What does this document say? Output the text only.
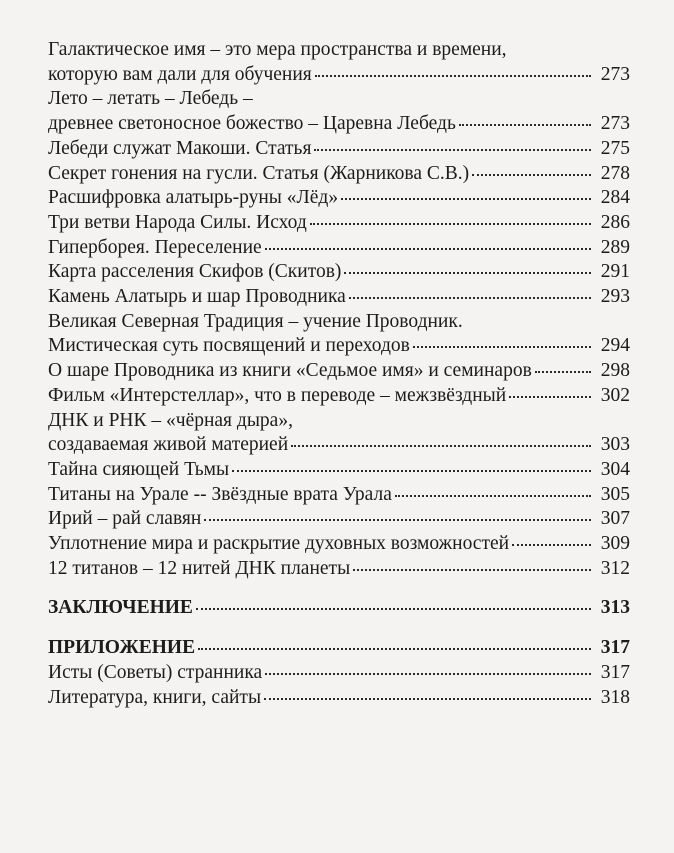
Галактическое имя – это мера пространства и времени,
которую вам дали для обучения	273
Лето – летать – Лебедь –
древнее светоносное божество – Царевна Лебедь	273
Лебеди служат Макоши. Статья	275
Секрет гонения на гусли. Статья (Жарникова С.В.)	278
Расшифровка алатырь-руны «Лёд»	284
Три ветви Народа Силы. Исход	286
Гиперборея. Переселение	289
Карта расселения Скифов (Скитов)	291
Камень Алатырь и шар Проводника	293
Великая Северная Традиция – учение Проводник.
Мистическая суть посвящений и переходов	294
О шаре Проводника из книги «Седьмое имя» и семинаров	298
Фильм «Интерстеллар», что в переводе – межзвёздный	302
ДНК и РНК – «чёрная дыра»,
создаваемая живой материей	303
Тайна сияющей Тьмы	304
Титаны на Урале -- Звёздные врата Урала	305
Ирий – рай славян	307
Уплотнение мира и раскрытие духовных возможностей	309
12 титанов – 12 нитей ДНК планеты	312
ЗАКЛЮЧЕНИЕ	313
ПРИЛОЖЕНИЕ	317
Исты (Советы) странника	317
Литература, книги, сайты	318
